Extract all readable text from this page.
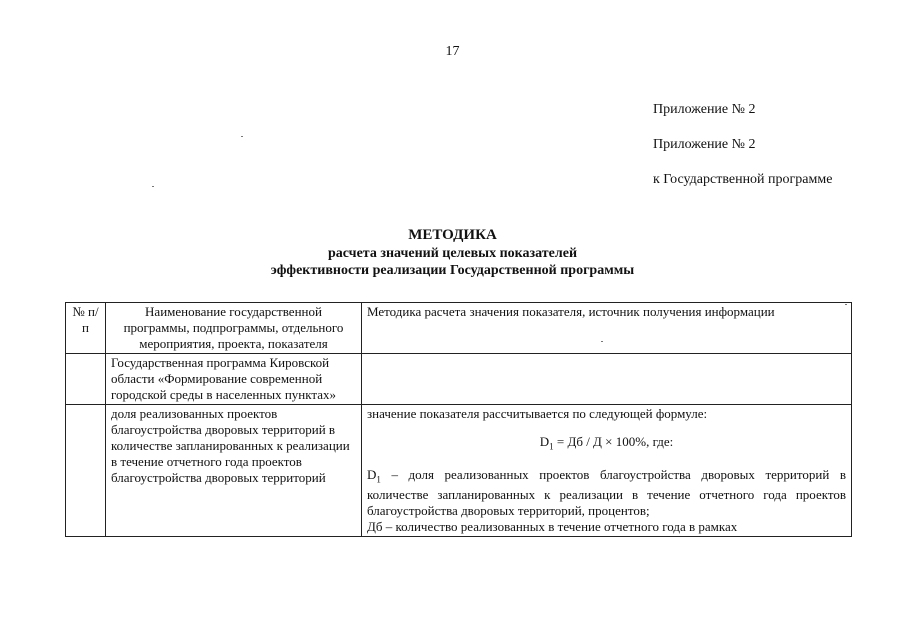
17
Приложение № 2
Приложение № 2
к Государственной программе
МЕТОДИКА
расчета значений целевых показателей
эффективности реализации Государственной программы
№ п/п	Наименование государственной программы, подпрограммы, отдельного мероприятия, проекта, показателя	Методика расчета значения показателя, источник получения информации
	Государственная программа Кировской области «Формирование современной городской среды в населенных пунктах»	
	доля реализованных проектов благоустройства дворовых территорий в количестве запланированных к реализации в течение отчетного года проектов благоустройства дворовых территорий	значение показателя рассчитывается по следующей формуле:
$D_1$ = Дб / Д × 100%, где:
$D_1$ – доля реализованных проектов благоустройства дворовых территорий в количестве запланированных к реализации в течение отчетного года проектов благоустройства дворовых территорий, процентов;
Дб – количество реализованных в течение отчетного года в рамках
